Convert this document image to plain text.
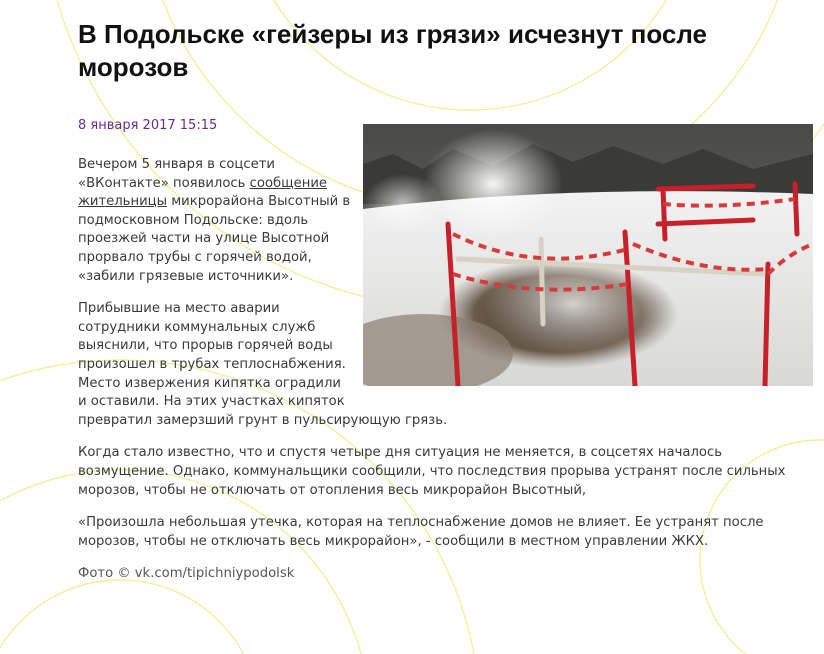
В Подольске «гейзеры из грязи» исчезнут после морозов
8 января 2017 15:15

Вечером 5 января в соцсети «ВКонтакте» появилось сообщение жительницы микрорайона Высотный в подмосковном Подольске: вдоль проезжей части на улице Высотной прорвало трубы с горячей водой, «забили грязевые источники».

Прибывшие на место аварии сотрудники коммунальных служб выяснили, что прорыв горячей воды произошел в трубах теплоснабжения. Место извержения кипятка оградили и оставили. На этих участках кипяток превратил замерзший грунт в пульсирующую грязь.

Когда стало известно, что и спустя четыре дня ситуация не меняется, в соцсетях началось возмущение. Однако, коммунальщики сообщили, что последствия прорыва устранят после сильных морозов, чтобы не отключать от отопления весь микрорайон Высотный,

«Произошла небольшая утечка, которая на теплоснабжение домов не влияет. Ее устранят после морозов, чтобы не отключать весь микрорайон», - сообщили в местном управлении ЖКХ.

Фото © vk.com/tipichniypodolsk
